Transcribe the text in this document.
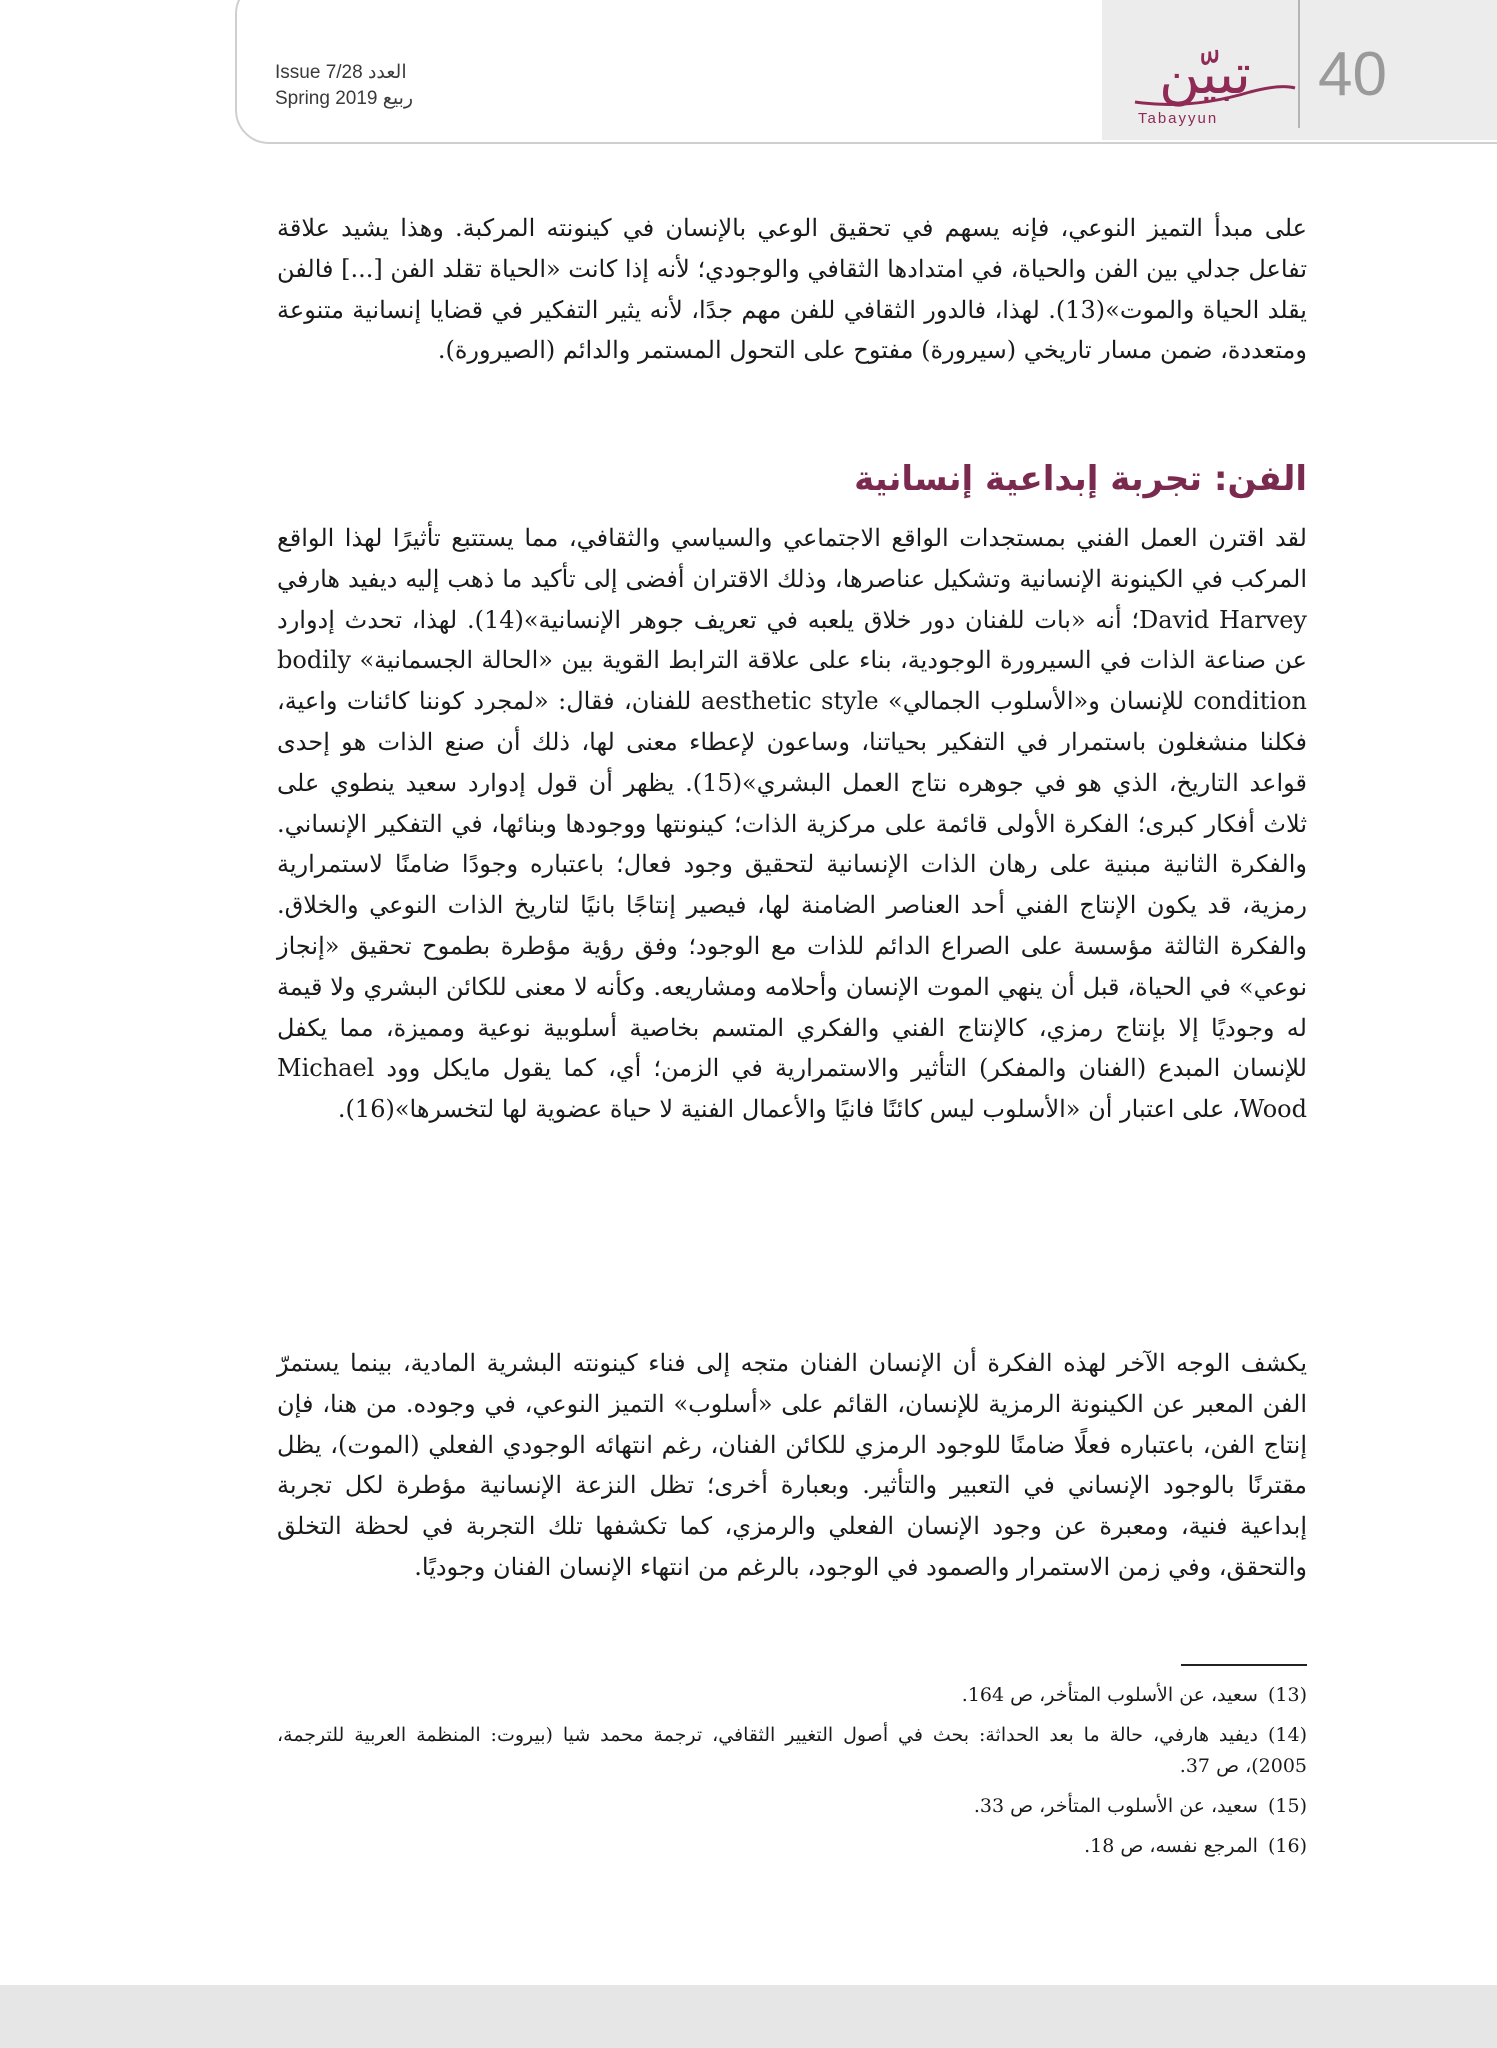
Issue 7/28 العدد
Spring 2019 ربيع	تبيّن
Tabayyun
40
على مبدأ التميز النوعي، فإنه يسهم في تحقيق الوعي بالإنسان في كينونته المركبة. وهذا يشيد علاقة تفاعل جدلي بين الفن والحياة، في امتدادها الثقافي والوجودي؛ لأنه إذا كانت «الحياة تقلد الفن [...] فالفن يقلد الحياة والموت»(13). لهذا، فالدور الثقافي للفن مهم جدًا، لأنه يثير التفكير في قضايا إنسانية متنوعة ومتعددة، ضمن مسار تاريخي (سيرورة) مفتوح على التحول المستمر والدائم (الصيرورة).
الفن: تجربة إبداعية إنسانية
لقد اقترن العمل الفني بمستجدات الواقع الاجتماعي والسياسي والثقافي، مما يستتبع تأثيرًا لهذا الواقع المركب في الكينونة الإنسانية وتشكيل عناصرها، وذلك الاقتران أفضى إلى تأكيد ما ذهب إليه ديفيد هارفي David Harvey؛ أنه «بات للفنان دور خلاق يلعبه في تعريف جوهر الإنسانية»(14). لهذا، تحدث إدوارد عن صناعة الذات في السيرورة الوجودية، بناء على علاقة الترابط القوية بين «الحالة الجسمانية» bodily condition للإنسان و«الأسلوب الجمالي» aesthetic style للفنان، فقال: «لمجرد كوننا كائنات واعية، فكلنا منشغلون باستمرار في التفكير بحياتنا، وساعون لإعطاء معنى لها، ذلك أن صنع الذات هو إحدى قواعد التاريخ، الذي هو في جوهره نتاج العمل البشري»(15). يظهر أن قول إدوارد سعيد ينطوي على ثلاث أفكار كبرى؛ الفكرة الأولى قائمة على مركزية الذات؛ كينونتها ووجودها وبنائها، في التفكير الإنساني. والفكرة الثانية مبنية على رهان الذات الإنسانية لتحقيق وجود فعال؛ باعتباره وجودًا ضامنًا لاستمرارية رمزية، قد يكون الإنتاج الفني أحد العناصر الضامنة لها، فيصير إنتاجًا بانيًا لتاريخ الذات النوعي والخلاق. والفكرة الثالثة مؤسسة على الصراع الدائم للذات مع الوجود؛ وفق رؤية مؤطرة بطموح تحقيق «إنجاز نوعي» في الحياة، قبل أن ينهي الموت الإنسان وأحلامه ومشاريعه. وكأنه لا معنى للكائن البشري ولا قيمة له وجوديًا إلا بإنتاج رمزي، كالإنتاج الفني والفكري المتسم بخاصية أسلوبية نوعية ومميزة، مما يكفل للإنسان المبدع (الفنان والمفكر) التأثير والاستمرارية في الزمن؛ أي، كما يقول مايكل وود Michael Wood، على اعتبار أن «الأسلوب ليس كائنًا فانيًا والأعمال الفنية لا حياة عضوية لها لتخسرها»(16).
يكشف الوجه الآخر لهذه الفكرة أن الإنسان الفنان متجه إلى فناء كينونته البشرية المادية، بينما يستمرّ الفن المعبر عن الكينونة الرمزية للإنسان، القائم على «أسلوب» التميز النوعي، في وجوده. من هنا، فإن إنتاج الفن، باعتباره فعلًا ضامنًا للوجود الرمزي للكائن الفنان، رغم انتهائه الوجودي الفعلي (الموت)، يظل مقترنًا بالوجود الإنساني في التعبير والتأثير. وبعبارة أخرى؛ تظل النزعة الإنسانية مؤطرة لكل تجربة إبداعية فنية، ومعبرة عن وجود الإنسان الفعلي والرمزي، كما تكشفها تلك التجربة في لحظة التخلق والتحقق، وفي زمن الاستمرار والصمود في الوجود، بالرغم من انتهاء الإنسان الفنان وجوديًا.
(13)سعيد، عن الأسلوب المتأخر، ص 164.
(14)ديفيد هارفي، حالة ما بعد الحداثة: بحث في أصول التغيير الثقافي، ترجمة محمد شيا (بيروت: المنظمة العربية للترجمة، 2005)، ص 37.
(15)سعيد، عن الأسلوب المتأخر، ص 33.
(16)المرجع نفسه، ص 18.
